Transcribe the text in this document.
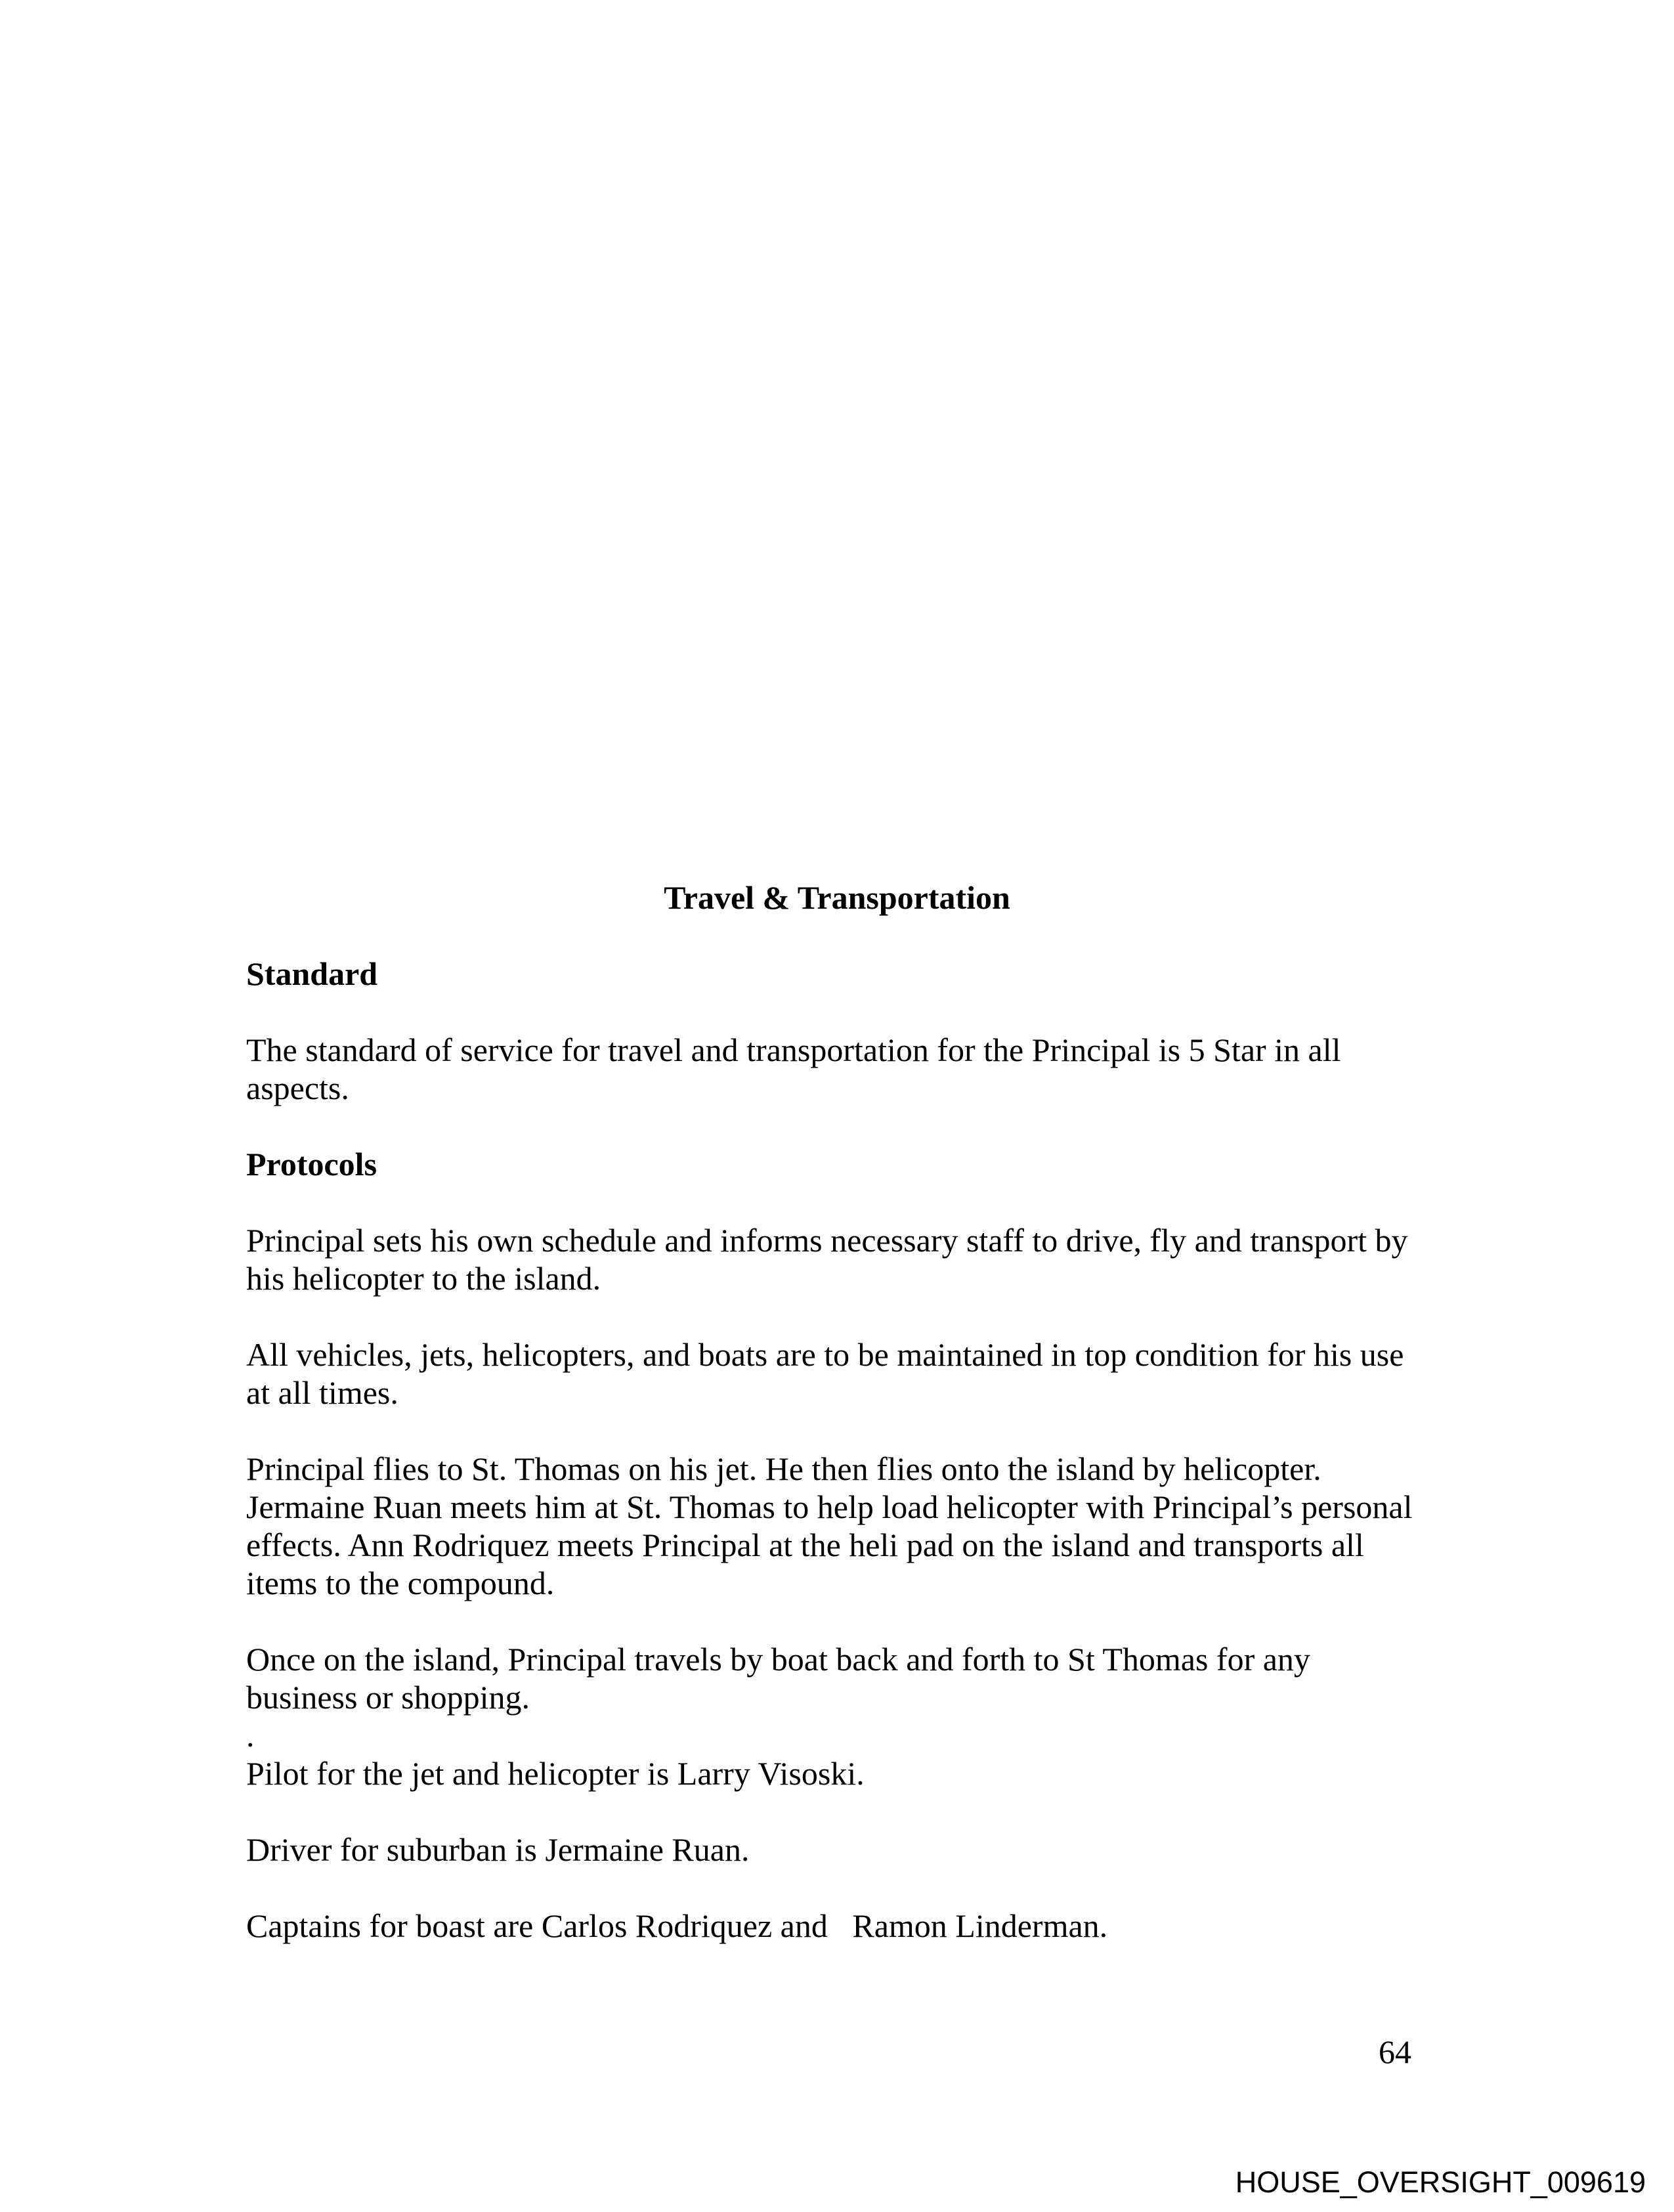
Travel & Transportation
Standard

The standard of service for travel and transportation for the Principal is 5 Star in all aspects.

Protocols

Principal sets his own schedule and informs necessary staff to drive, fly and transport by his helicopter to the island.

All vehicles, jets, helicopters, and boats are to be maintained in top condition for his use at all times.

Principal flies to St. Thomas on his jet. He then flies onto the island by helicopter. Jermaine Ruan meets him at St. Thomas to help load helicopter with Principal’s personal effects. Ann Rodriquez meets Principal at the heli pad on the island and transports all items to the compound.

Once on the island, Principal travels by boat back and forth to St Thomas for any business or shopping.

.

Pilot for the jet and helicopter is Larry Visoski.

Driver for suburban is Jermaine Ruan.

Captains for boast are Carlos Rodriquez and   Ramon Linderman.

64
HOUSE_OVERSIGHT_009619
